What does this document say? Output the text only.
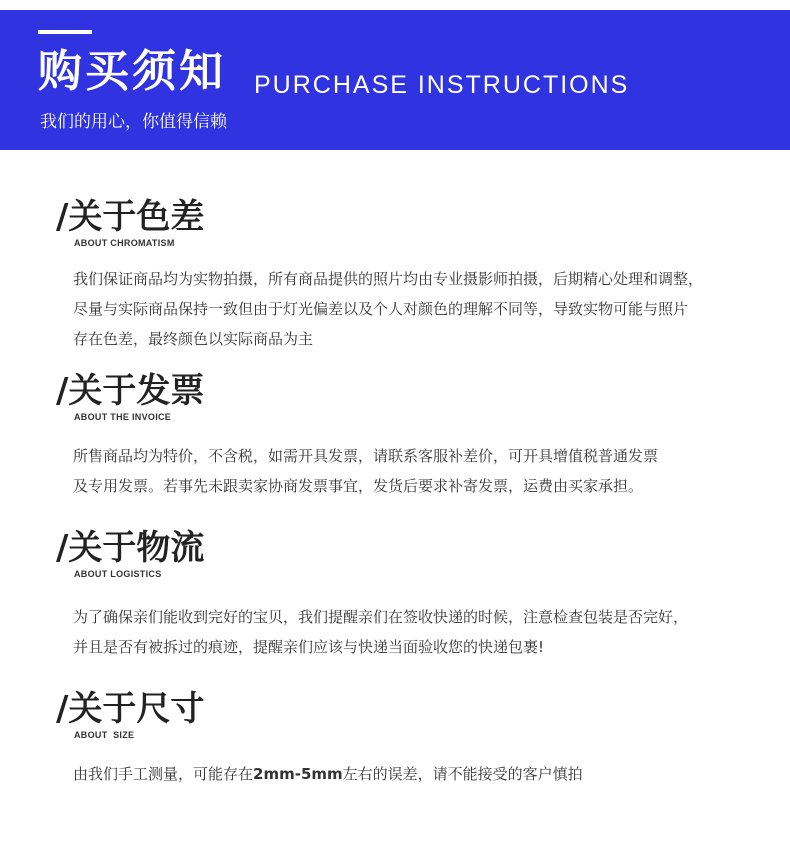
购买须知 PURCHASE INSTRUCTIONS
我们的用心，你值得信赖
/关于色差
ABOUT CHROMATISM

我们保证商品均为实物拍摄，所有商品提供的照片均由专业摄影师拍摄，后期精心处理和调整，

尽量与实际商品保持一致但由于灯光偏差以及个人对颜色的理解不同等，导致实物可能与照片

存在色差，最终颜色以实际商品为主

/关于发票
ABOUT THE INVOICE

所售商品均为特价，不含税，如需开具发票，请联系客服补差价，可开具增值税普通发票

及专用发票。若事先未跟卖家协商发票事宜，发货后要求补寄发票，运费由买家承担。

/关于物流
ABOUT LOGISTICS

为了确保亲们能收到完好的宝贝，我们提醒亲们在签收快递的时候，注意检查包装是否完好，

并且是否有被拆过的痕迹，提醒亲们应该与快递当面验收您的快递包裹!

/关于尺寸
ABOUT  SIZE

由我们手工测量，可能存在2mm-5mm左右的误差，请不能接受的客户慎拍
